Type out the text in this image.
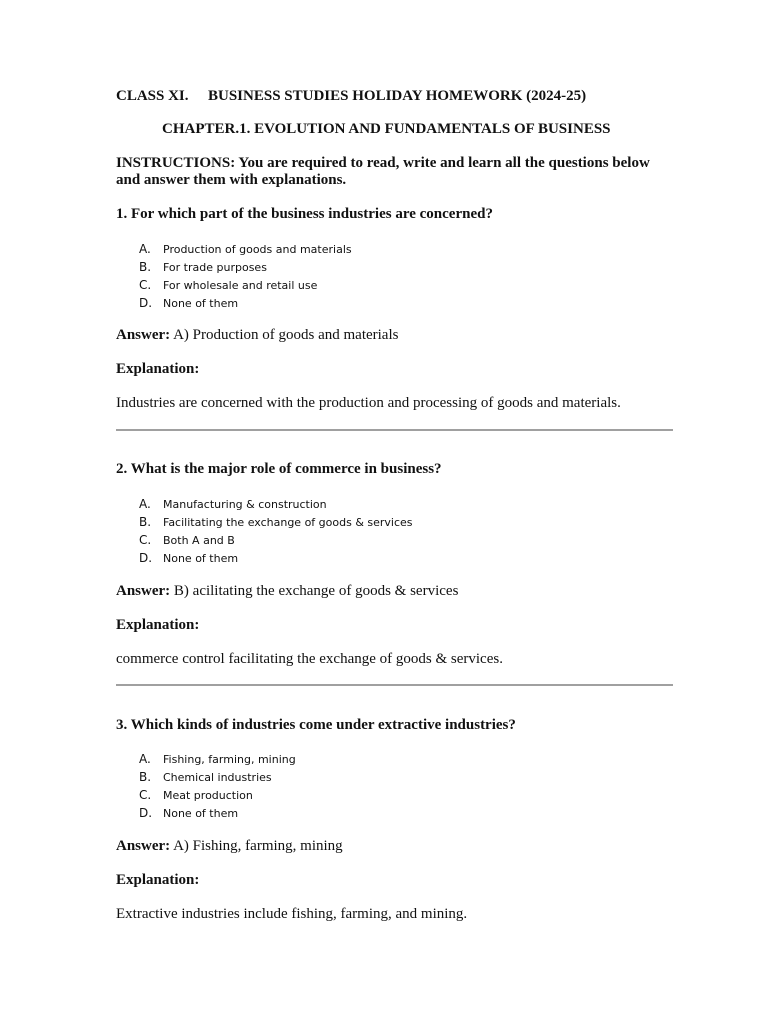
CLASS XI. BUSINESS STUDIES HOLIDAY HOMEWORK (2024-25)
CHAPTER.1. EVOLUTION AND FUNDAMENTALS OF BUSINESS
INSTRUCTIONS: You are required to read, write and learn all the questions below and answer them with explanations.
1. For which part of the business industries are concerned?
A. Production of goods and materials
B. For trade purposes
C. For wholesale and retail use
D. None of them
Answer: A) Production of goods and materials
Explanation:
Industries are concerned with the production and processing of goods and materials.
2. What is the major role of commerce in business?
A. Manufacturing & construction
B. Facilitating the exchange of goods & services
C. Both A and B
D. None of them
Answer: B) acilitating the exchange of goods & services
Explanation:
commerce control facilitating the exchange of goods & services.
3. Which kinds of industries come under extractive industries?
A. Fishing, farming, mining
B. Chemical industries
C. Meat production
D. None of them
Answer: A) Fishing, farming, mining
Explanation:
Extractive industries include fishing, farming, and mining.
